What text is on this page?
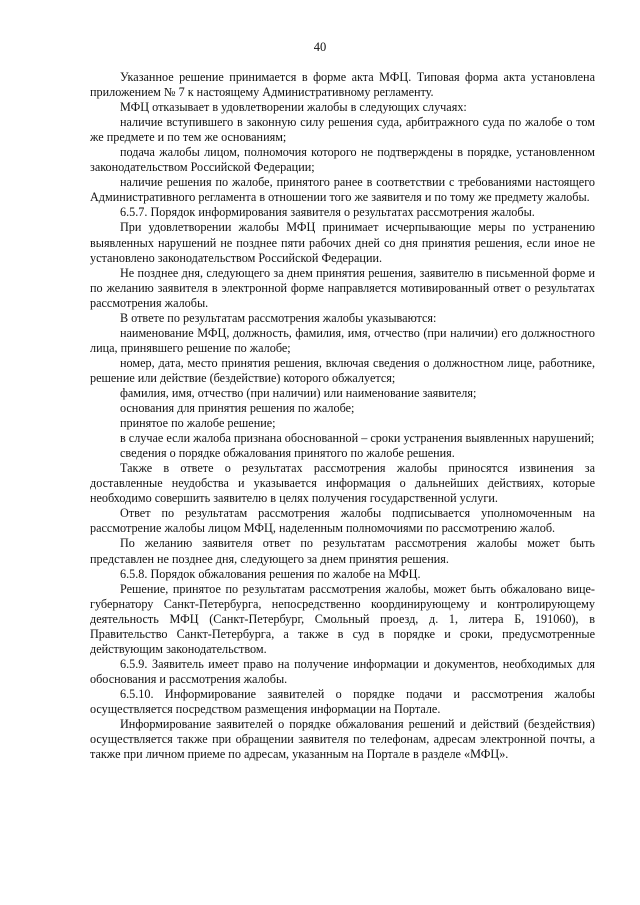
40

Указанное решение принимается в форме акта МФЦ. Типовая форма акта установлена приложением № 7 к настоящему Административному регламенту.

МФЦ отказывает в удовлетворении жалобы в следующих случаях:

наличие вступившего в законную силу решения суда, арбитражного суда по жалобе о том же предмете и по тем же основаниям;

подача жалобы лицом, полномочия которого не подтверждены в порядке, установленном законодательством Российской Федерации;

наличие решения по жалобе, принятого ранее в соответствии с требованиями настоящего Административного регламента в отношении того же заявителя и по тому же предмету жалобы.

6.5.7. Порядок информирования заявителя о результатах рассмотрения жалобы.

При удовлетворении жалобы МФЦ принимает исчерпывающие меры по устранению выявленных нарушений не позднее пяти рабочих дней со дня принятия решения, если иное не установлено законодательством Российской Федерации.

Не позднее дня, следующего за днем принятия решения, заявителю в письменной форме и по желанию заявителя в электронной форме направляется мотивированный ответ о результатах рассмотрения жалобы.

В ответе по результатам рассмотрения жалобы указываются:

наименование МФЦ, должность, фамилия, имя, отчество (при наличии) его должностного лица, принявшего решение по жалобе;

номер, дата, место принятия решения, включая сведения о должностном лице, работнике, решение или действие (бездействие) которого обжалуется;

фамилия, имя, отчество (при наличии) или наименование заявителя;

основания для принятия решения по жалобе;

принятое по жалобе решение;

в случае если жалоба признана обоснованной – сроки устранения выявленных нарушений;

сведения о порядке обжалования принятого по жалобе решения.

Также в ответе о результатах рассмотрения жалобы приносятся извинения за доставленные неудобства и указывается информация о дальнейших действиях, которые необходимо совершить заявителю в целях получения государственной услуги.

Ответ по результатам рассмотрения жалобы подписывается уполномоченным на рассмотрение жалобы лицом МФЦ, наделенным полномочиями по рассмотрению жалоб.

По желанию заявителя ответ по результатам рассмотрения жалобы может быть представлен не позднее дня, следующего за днем принятия решения.

6.5.8. Порядок обжалования решения по жалобе на МФЦ.

Решение, принятое по результатам рассмотрения жалобы, может быть обжаловано вице-губернатору Санкт-Петербурга, непосредственно координирующему и контролирующему деятельность МФЦ (Санкт-Петербург, Смольный проезд, д. 1, литера Б, 191060), в Правительство Санкт-Петербурга, а также в суд в порядке и сроки, предусмотренные действующим законодательством.

6.5.9. Заявитель имеет право на получение информации и документов, необходимых для обоснования и рассмотрения жалобы.

6.5.10. Информирование заявителей о порядке подачи и рассмотрения жалобы осуществляется посредством размещения информации на Портале.

Информирование заявителей о порядке обжалования решений и действий (бездействия) осуществляется также при обращении заявителя по телефонам, адресам электронной почты, а также при личном приеме по адресам, указанным на Портале в разделе «МФЦ».
